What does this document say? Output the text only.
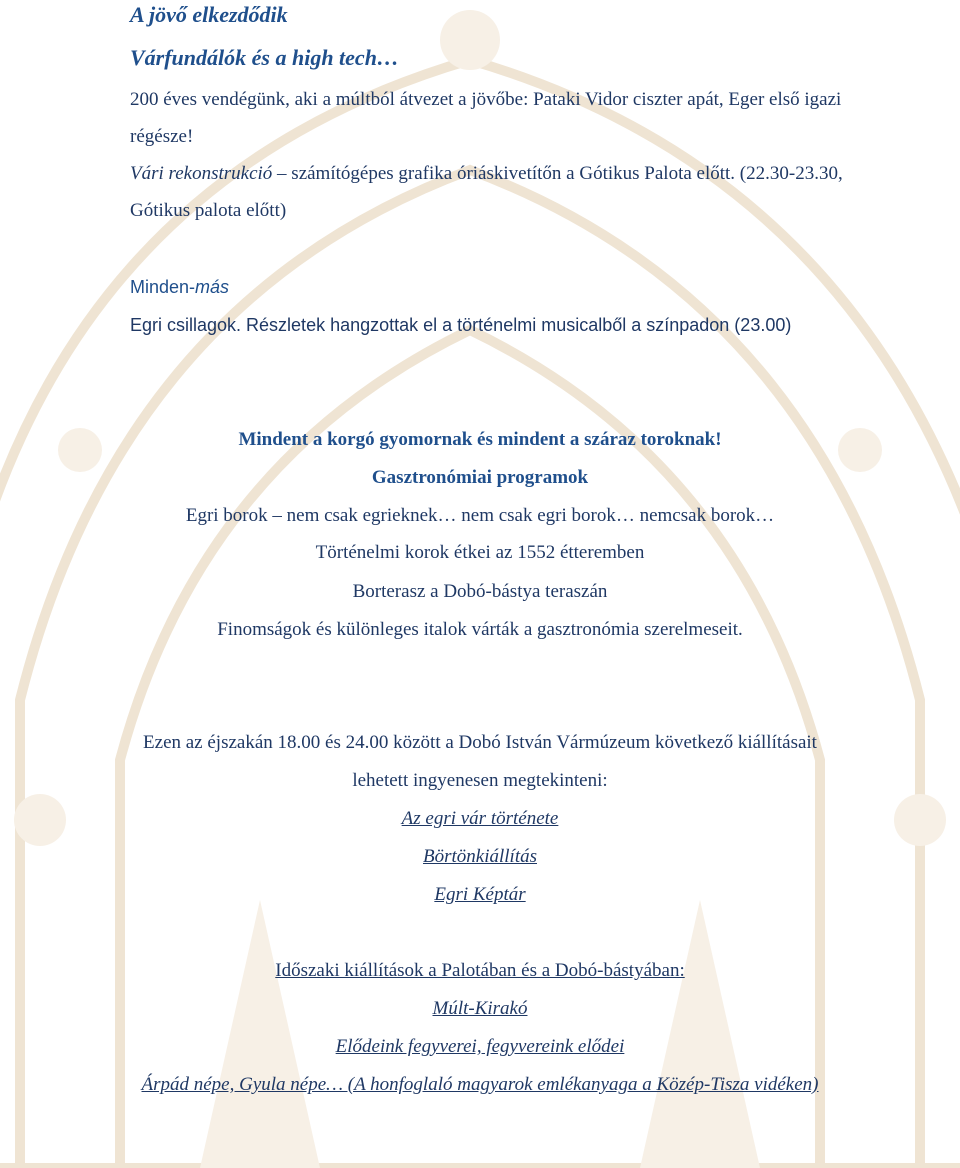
A jövő elkezdődik
Várfundálók és a high tech…
200 éves vendégünk, aki a múltból átvezet a jövőbe: Pataki Vidor ciszter apát, Eger első igazi
régésze!
Vári rekonstrukció – számítógépes grafika óriáskivetítőn a Gótikus Palota előtt. (22.30-23.30,
Gótikus palota előtt)
Minden-más
Egri csillagok. Részletek hangzottak el a történelmi musicalből a színpadon (23.00)
Mindent a korgó gyomornak és mindent a száraz toroknak!
Gasztronómiai programok
Egri borok – nem csak egrieknek… nem csak egri borok… nemcsak borok…
Történelmi korok étkei az 1552 étteremben
Borterasz a Dobó-bástya teraszán
Finomságok és különleges italok várták a gasztronómia szerelmeseit.
Ezen az éjszakán 18.00 és 24.00 között a Dobó István Vármúzeum következő kiállításait
lehetett ingyenesen megtekinteni:
Az egri vár története
Börtönkiállítás
Egri Képtár
Időszaki kiállítások a Palotában és a Dobó-bástyában:
Múlt-Kirakó
Elődeink fegyverei, fegyvereink elődei
Árpád népe, Gyula népe… (A honfoglaló magyarok emlékanyaga a Közép-Tisza vidéken)
